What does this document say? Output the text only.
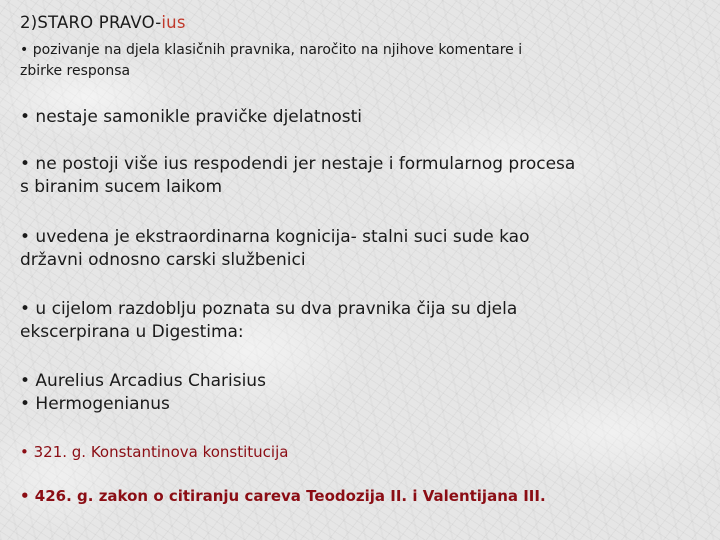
2)STARO PRAVO-ius
• pozivanje na djela klasičnih pravnika, naročito na njihove komentare i
zbirke responsa
• nestaje samonikle pravičke djelatnosti
• ne postoji više ius respodendi jer nestaje i formularnog procesa
s biranim sucem laikom
• uvedena je ekstraordinarna kognicija- stalni suci sude kao
državni odnosno carski službenici
• u cijelom razdoblju poznata su dva pravnika čija su djela
ekscerpirana u Digestima:
• Aurelius Arcadius Charisius
• Hermogenianus
• 321. g. Konstantinova konstitucija
• 426. g. zakon o citiranju careva Teodozija II. i Valentijana III.
